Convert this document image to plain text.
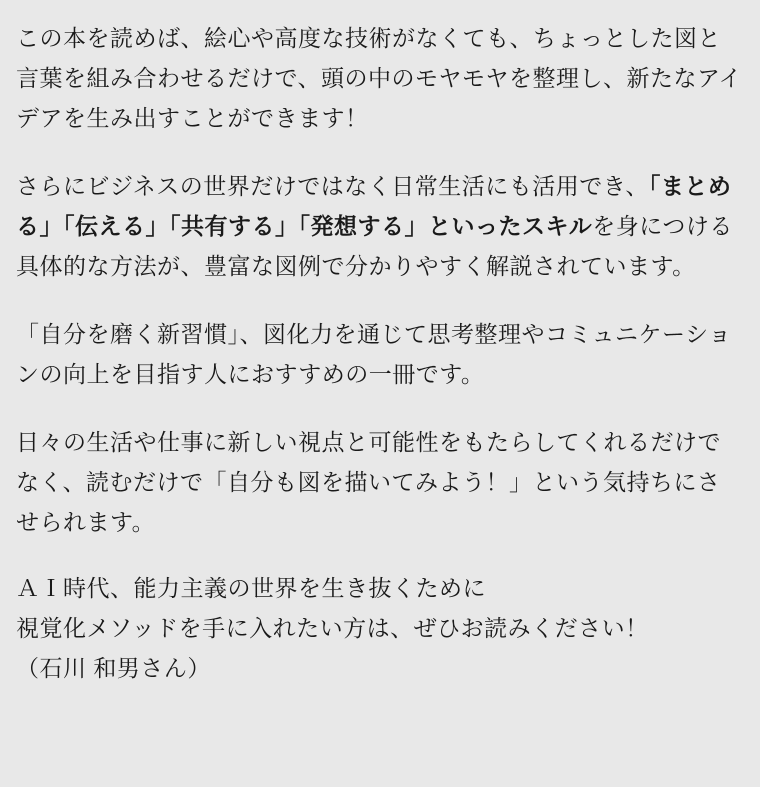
この本を読めば、絵心や高度な技術がなくても、ちょっとした図と言葉を組み合わせるだけで、頭の中のモヤモヤを整理し、新たなアイデアを生み出すことができます！

さらにビジネスの世界だけではなく日常生活にも活用でき、「まとめる」「伝える」「共有する」「発想する」といったスキルを身につける具体的な方法が、豊富な図例で分かりやすく解説されています。

「自分を磨く新習慣」、図化力を通じて思考整理やコミュニケーションの向上を目指す人におすすめの一冊です。

日々の生活や仕事に新しい視点と可能性をもたらしてくれるだけでなく、読むだけで「自分も図を描いてみよう！」という気持ちにさせられます。

ＡＩ時代、能力主義の世界を生き抜くために

視覚化メソッドを手に入れたい方は、ぜひお読みください！

（石川 和男さん）
